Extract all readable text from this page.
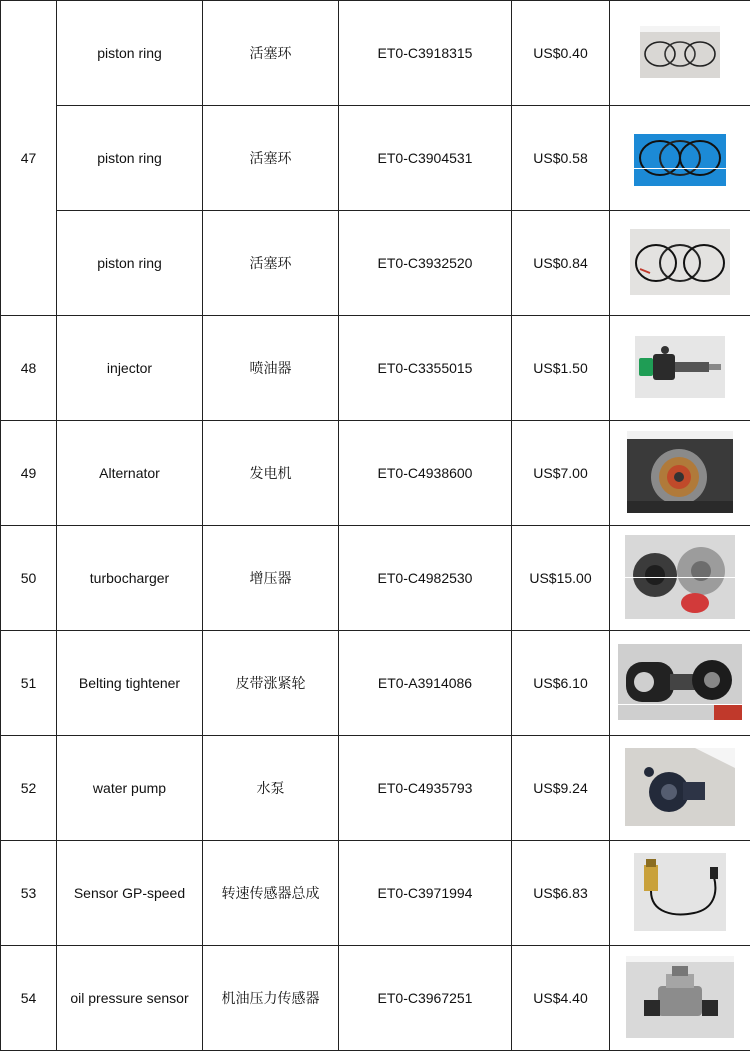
47	piston ring	活塞环	ET0-C3918315	US$0.40	

	piston ring	活塞环	ET0-C3904531	US$0.58	

	piston ring	活塞环	ET0-C3932520	US$0.84	

48	injector	喷油器	ET0-C3355015	US$1.50	

49	Alternator	发电机	ET0-C4938600	US$7.00	

50	turbocharger	增压器	ET0-C4982530	US$15.00	

51	Belting tightener	皮带涨紧轮	ET0-A3914086	US$6.10	

52	water pump	水泵	ET0-C4935793	US$9.24	

53	Sensor GP-speed	转速传感器总成	ET0-C3971994	US$6.83	

54	oil pressure sensor	机油压力传感器	ET0-C3967251	US$4.40	
